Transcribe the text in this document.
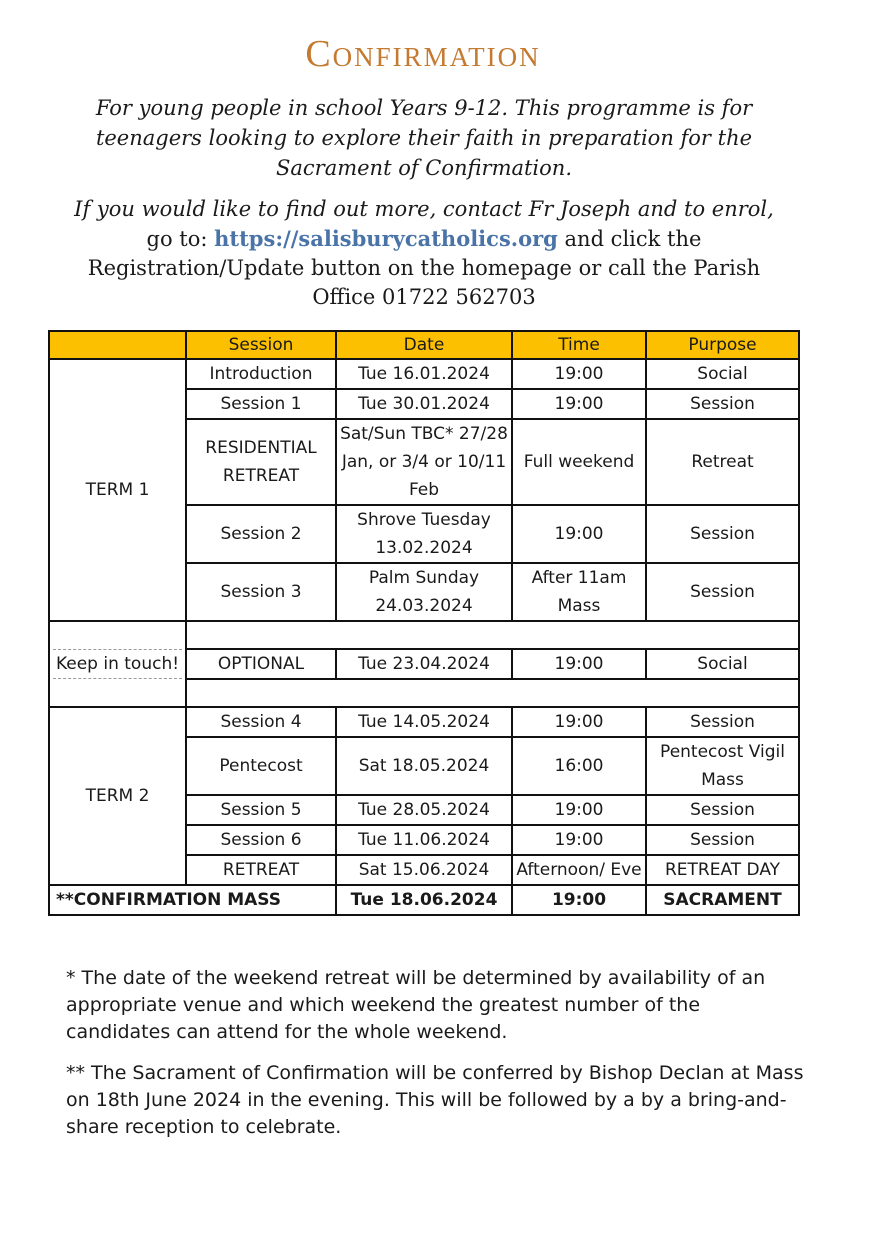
Confirmation
For young people in school Years 9-12. This programme is for teenagers looking to explore their faith in preparation for the Sacrament of Confirmation.
If you would like to find out more, contact Fr Joseph and to enrol,
go to: https://salisburycatholics.org and click the Registration/Update button on the homepage or call the Parish Office 01722 562703
	Session	Date	Time	Purpose
TERM 1	Introduction	Tue 16.01.2024	19:00	Social
	Session 1	Tue 30.01.2024	19:00	Session
	RESIDENTIAL RETREAT	Sat/Sun TBC* 27/28 Jan, or 3/4 or 10/11 Feb	Full weekend	Retreat
	Session 2	Shrove Tuesday 13.02.2024	19:00	Session
	Session 3	Palm Sunday 24.03.2024	After 11am Mass	Session

Keep in touch!				

	OPTIONAL	Tue 23.04.2024	19:00	Social

TERM 2	Session 4	Tue 14.05.2024	19:00	Session
	Pentecost	Sat 18.05.2024	16:00	Pentecost Vigil Mass
	Session 5	Tue 28.05.2024	19:00	Session
	Session 6	Tue 11.06.2024	19:00	Session
	RETREAT	Sat 15.06.2024	Afternoon/ Eve	RETREAT DAY
**CONFIRMATION MASS		Tue 18.06.2024	19:00	SACRAMENT

* The date of the weekend retreat will be determined by availability of an appropriate venue and which weekend the greatest number of the candidates can attend for the whole weekend.

** The Sacrament of Confirmation will be conferred by Bishop Declan at Mass on 18th June 2024 in the evening. This will be followed by a by a bring-and-share reception to celebrate.
